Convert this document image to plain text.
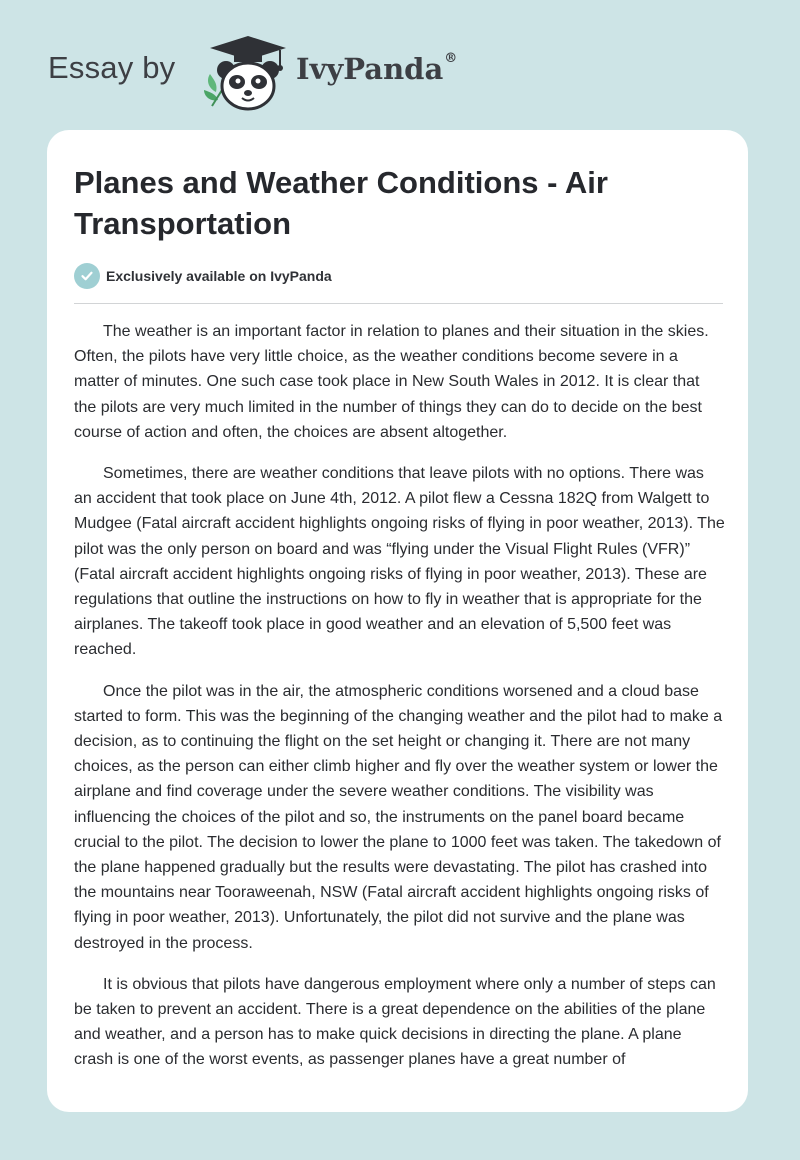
Essay by	IvyPanda®
Planes and Weather Conditions - Air Transportation
Exclusively available on IvyPanda

The weather is an important factor in relation to planes and their situation in the skies. Often, the pilots have very little choice, as the weather conditions become severe in a matter of minutes. One such case took place in New South Wales in 2012. It is clear that the pilots are very much limited in the number of things they can do to decide on the best course of action and often, the choices are absent altogether.

Sometimes, there are weather conditions that leave pilots with no options. There was an accident that took place on June 4th, 2012. A pilot flew a Cessna 182Q from Walgett to Mudgee (Fatal aircraft accident highlights ongoing risks of flying in poor weather, 2013). The pilot was the only person on board and was “flying under the Visual Flight Rules (VFR)” (Fatal aircraft accident highlights ongoing risks of flying in poor weather, 2013). These are regulations that outline the instructions on how to fly in weather that is appropriate for the airplanes. The takeoff took place in good weather and an elevation of 5,500 feet was reached.

Once the pilot was in the air, the atmospheric conditions worsened and a cloud base started to form. This was the beginning of the changing weather and the pilot had to make a decision, as to continuing the flight on the set height or changing it. There are not many choices, as the person can either climb higher and fly over the weather system or lower the airplane and find coverage under the severe weather conditions. The visibility was influencing the choices of the pilot and so, the instruments on the panel board became crucial to the pilot. The decision to lower the plane to 1000 feet was taken. The takedown of the plane happened gradually but the results were devastating. The pilot has crashed into the mountains near Tooraweenah, NSW (Fatal aircraft accident highlights ongoing risks of flying in poor weather, 2013). Unfortunately, the pilot did not survive and the plane was destroyed in the process.

It is obvious that pilots have dangerous employment where only a number of steps can be taken to prevent an accident. There is a great dependence on the abilities of the plane and weather, and a person has to make quick decisions in directing the plane. A plane crash is one of the worst events, as passenger planes have a great number of
